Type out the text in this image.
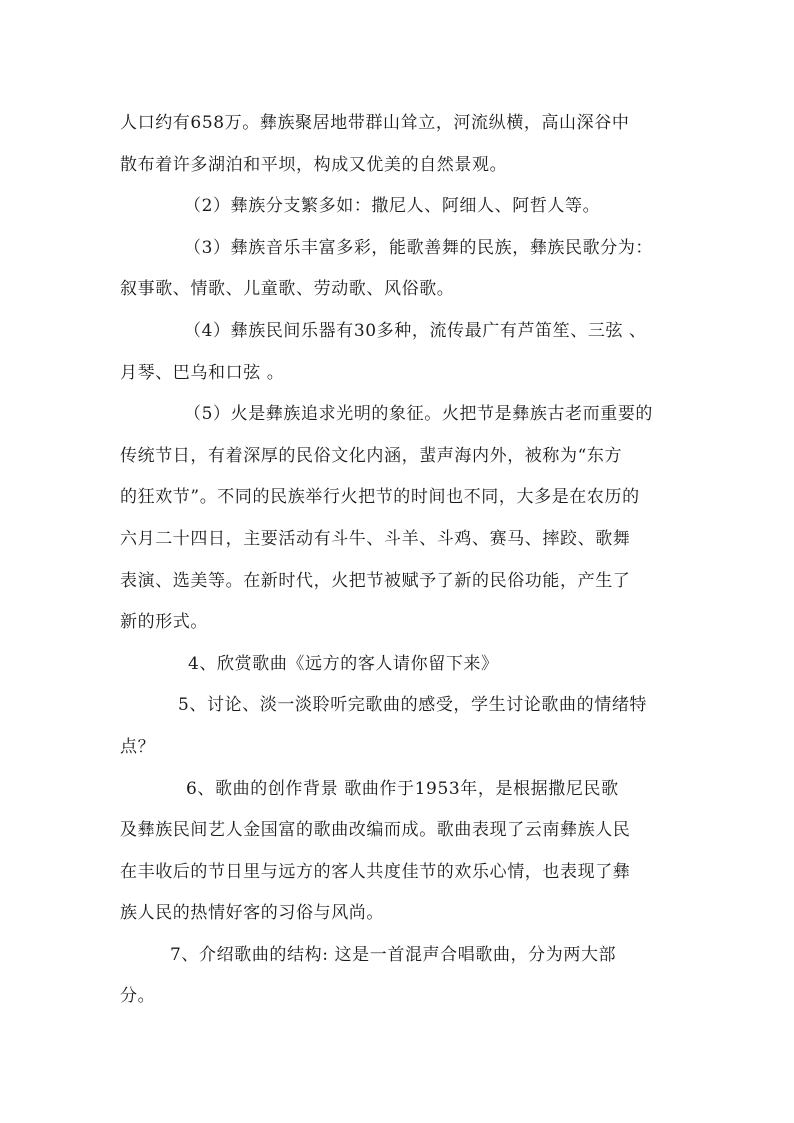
人口约有658万。彝族聚居地带群山耸立，河流纵横，高山深谷中
散布着许多湖泊和平坝，构成又优美的自然景观。
（2）彝族分支繁多如：撒尼人、阿细人、阿哲人等。
（3）彝族音乐丰富多彩，能歌善舞的民族，彝族民歌分为：
叙事歌、情歌、儿童歌、劳动歌、风俗歌。
（4）彝族民间乐器有30多种，流传最广有芦笛笙、三弦 、
月琴、巴乌和口弦 。
（5）火是彝族追求光明的象征。火把节是彝族古老而重要的
传统节日，有着深厚的民俗文化内涵，蜚声海内外，被称为“东方
的狂欢节”。不同的民族举行火把节的时间也不同，大多是在农历的
六月二十四日，主要活动有斗牛、斗羊、斗鸡、赛马、摔跤、歌舞
表演、选美等。在新时代，火把节被赋予了新的民俗功能，产生了
新的形式。
4、欣赏歌曲《远方的客人请你留下来》
5、讨论、淡一淡聆听完歌曲的感受，学生讨论歌曲的情绪特
点？
6、歌曲的创作背景 歌曲作于1953年，是根据撒尼民歌
及彝族民间艺人金国富的歌曲改编而成。歌曲表现了云南彝族人民
在丰收后的节日里与远方的客人共度佳节的欢乐心情，也表现了彝
族人民的热情好客的习俗与风尚。
7、介绍歌曲的结构: 这是一首混声合唱歌曲，分为两大部
分。
